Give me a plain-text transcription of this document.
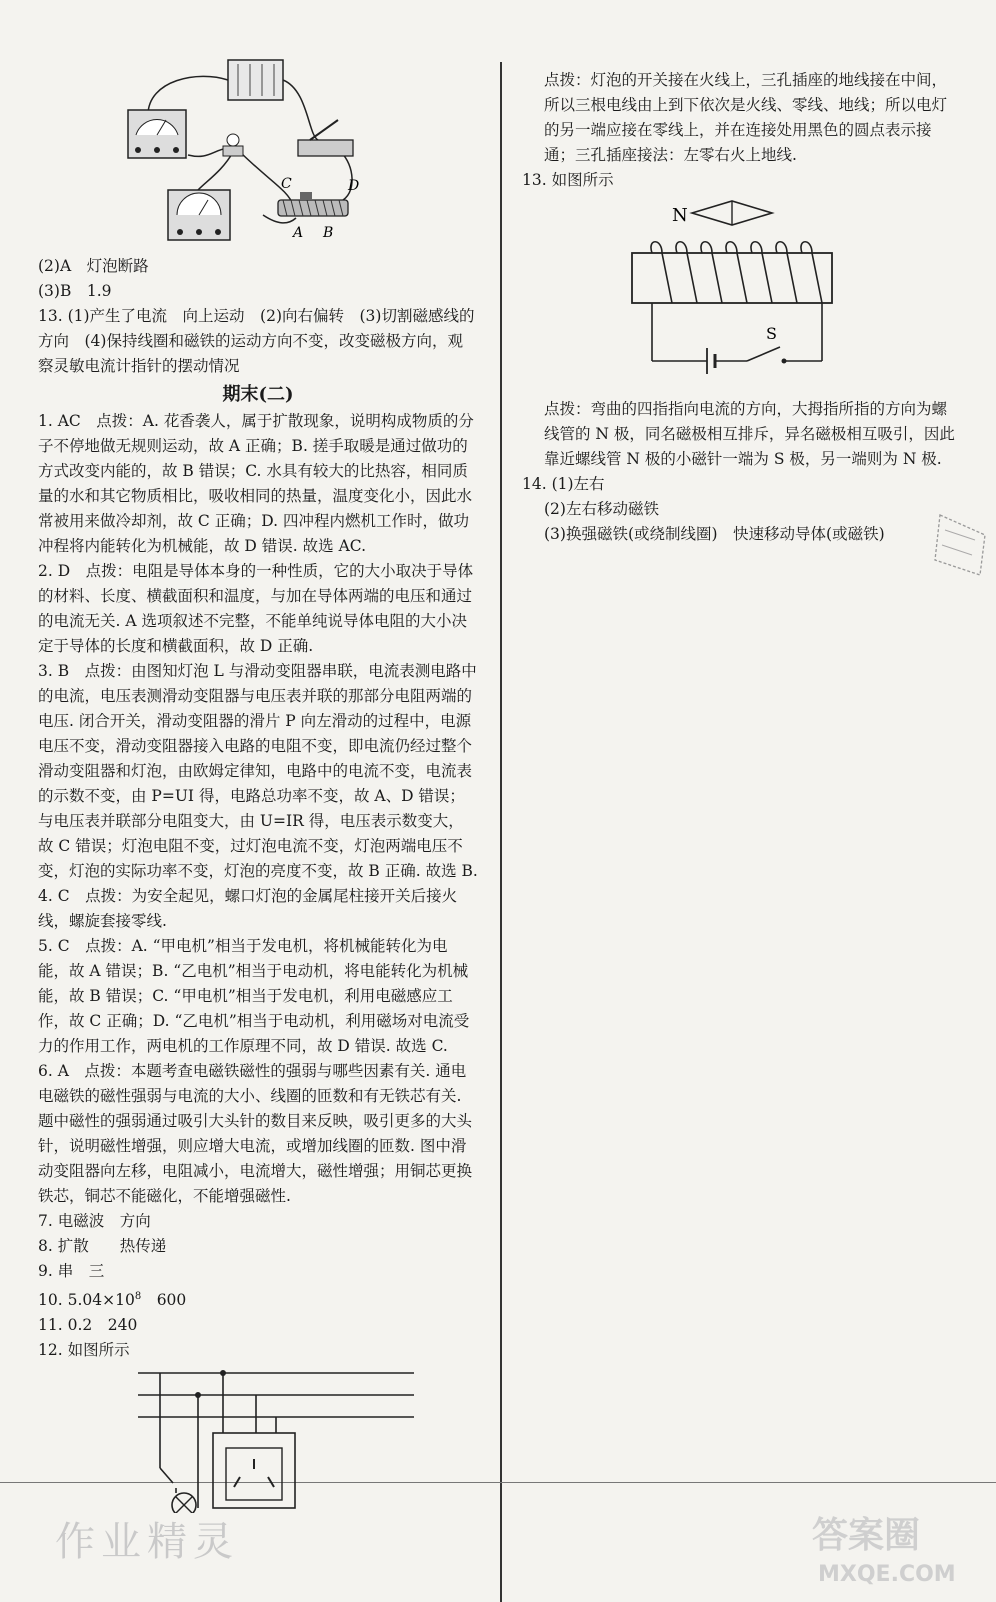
C	D
A B

(2)A　灯泡断路

(3)B　1.9

13. (1)产生了电流　向上运动　(2)向右偏转　(3)切割磁感线的方向　(4)保持线圈和磁铁的运动方向不变，改变磁极方向，观察灵敏电流计指针的摆动情况

期末(二)

1. AC　点拨：A. 花香袭人，属于扩散现象，说明构成物质的分子不停地做无规则运动，故 A 正确；B. 搓手取暖是通过做功的方式改变内能的，故 B 错误；C. 水具有较大的比热容，相同质量的水和其它物质相比，吸收相同的热量，温度变化小，因此水常被用来做冷却剂，故 C 正确；D. 四冲程内燃机工作时，做功冲程将内能转化为机械能，故 D 错误. 故选 AC.

2. D　点拨：电阻是导体本身的一种性质，它的大小取决于导体的材料、长度、横截面积和温度，与加在导体两端的电压和通过的电流无关. A 选项叙述不完整，不能单纯说导体电阻的大小决定于导体的长度和横截面积，故 D 正确.

3. B　点拨：由图知灯泡 L 与滑动变阻器串联，电流表测电路中的电流，电压表测滑动变阻器与电压表并联的那部分电阻两端的电压. 闭合开关，滑动变阻器的滑片 P 向左滑动的过程中，电源电压不变，滑动变阻器接入电路的电阻不变，即电流仍经过整个滑动变阻器和灯泡，由欧姆定律知，电路中的电流不变，电流表的示数不变，由 P=UI 得，电路总功率不变，故 A、D 错误；与电压表并联部分电阻变大，由 U=IR 得，电压表示数变大，故 C 错误；灯泡电阻不变，过灯泡电流不变，灯泡两端电压不变，灯泡的实际功率不变，灯泡的亮度不变，故 B 正确. 故选 B.

4. C　点拨：为安全起见，螺口灯泡的金属尾柱接开关后接火线，螺旋套接零线.

5. C　点拨：A. “甲电机”相当于发电机，将机械能转化为电能，故 A 错误；B. “乙电机”相当于电动机，将电能转化为机械能，故 B 错误；C. “甲电机”相当于发电机，利用电磁感应工作，故 C 正确；D. “乙电机”相当于电动机，利用磁场对电流受力的作用工作，两电机的工作原理不同，故 D 错误. 故选 C.

6. A　点拨：本题考查电磁铁磁性的强弱与哪些因素有关. 通电电磁铁的磁性强弱与电流的大小、线圈的匝数和有无铁芯有关. 题中磁性的强弱通过吸引大头针的数目来反映，吸引更多的大头针，说明磁性增强，则应增大电流，或增加线圈的匝数. 图中滑动变阻器向左移，电阻减小，电流增大，磁性增强；用铜芯更换铁芯，铜芯不能磁化，不能增强磁性.

7. 电磁波　方向

8. 扩散　　热传递

9. 串　三

10. $5.04\times 10^8$　600

11. 0.2　240

12. 如图所示

点拨：灯泡的开关接在火线上，三孔插座的地线接在中间，所以三根电线由上到下依次是火线、零线、地线；所以电灯的另一端应接在零线上，并在连接处用黑色的圆点表示接通；三孔插座接法：左零右火上地线.

13. 如图所示

N
S

点拨：弯曲的四指指向电流的方向，大拇指所指的方向为螺线管的 N 极，同名磁极相互排斥，异名磁极相互吸引，因此靠近螺线管 N 极的小磁针一端为 S 极，另一端则为 N 极.

14. (1)左右

(2)左右移动磁铁

(3)换强磁铁(或绕制线圈)　快速移动导体(或磁铁)

作业精灵	答案圈
MXQE.COM
